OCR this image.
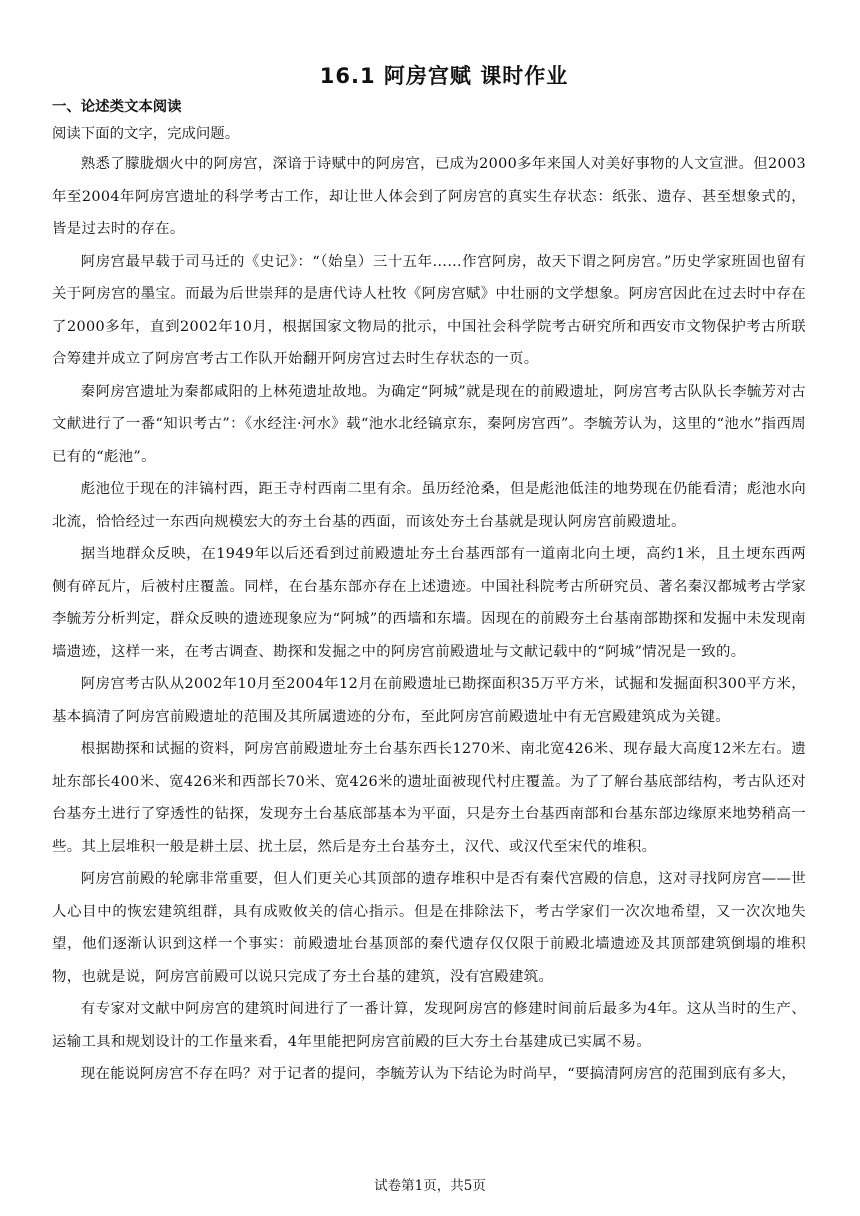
16.1 阿房宫赋 课时作业
一、论述类文本阅读

阅读下面的文字，完成问题。

熟悉了朦胧烟火中的阿房宫，深谙于诗赋中的阿房宫，已成为2000多年来国人对美好事物的人文宣泄。但2003年至2004年阿房宫遗址的科学考古工作，却让世人体会到了阿房宫的真实生存状态：纸张、遗存、甚至想象式的，皆是过去时的存在。

阿房宫最早载于司马迁的《史记》：“（始皇）三十五年……作宫阿房，故天下谓之阿房宫。”历史学家班固也留有关于阿房宫的墨宝。而最为后世崇拜的是唐代诗人杜牧《阿房宫赋》中壮丽的文学想象。阿房宫因此在过去时中存在了2000多年，直到2002年10月，根据国家文物局的批示，中国社会科学院考古研究所和西安市文物保护考古所联合筹建并成立了阿房宫考古工作队开始翻开阿房宫过去时生存状态的一页。

秦阿房宫遗址为秦都咸阳的上林苑遗址故地。为确定“阿城”就是现在的前殿遗址，阿房宫考古队队长李毓芳对古文献进行了一番“知识考古”：《水经注·河水》载“池水北经镐京东，秦阿房宫西”。李毓芳认为，这里的“池水”指西周已有的“彪池”。

彪池位于现在的沣镐村西，距王寺村西南二里有余。虽历经沧桑，但是彪池低洼的地势现在仍能看清；彪池水向北流，恰恰经过一东西向规模宏大的夯土台基的西面，而该处夯土台基就是现认阿房宫前殿遗址。

据当地群众反映，在1949年以后还看到过前殿遗址夯土台基西部有一道南北向土埂，高约1米，且土埂东西两侧有碎瓦片，后被村庄覆盖。同样，在台基东部亦存在上述遗迹。中国社科院考古所研究员、著名秦汉都城考古学家李毓芳分析判定，群众反映的遗迹现象应为“阿城”的西墙和东墙。因现在的前殿夯土台基南部勘探和发掘中未发现南墙遗迹，这样一来，在考古调查、勘探和发掘之中的阿房宫前殿遗址与文献记载中的“阿城”情况是一致的。

阿房宫考古队从2002年10月至2004年12月在前殿遗址已勘探面积35万平方米，试掘和发掘面积300平方米，基本搞清了阿房宫前殿遗址的范围及其所属遗迹的分布，至此阿房宫前殿遗址中有无宫殿建筑成为关键。

根据勘探和试掘的资料，阿房宫前殿遗址夯土台基东西长1270米、南北宽426米、现存最大高度12米左右。遗址东部长400米、宽426米和西部长70米、宽426米的遗址面被现代村庄覆盖。为了了解台基底部结构，考古队还对台基夯土进行了穿透性的钻探，发现夯土台基底部基本为平面，只是夯土台基西南部和台基东部边缘原来地势稍高一些。其上层堆积一般是耕土层、扰土层，然后是夯土台基夯土，汉代、或汉代至宋代的堆积。

阿房宫前殿的轮廓非常重要，但人们更关心其顶部的遗存堆积中是否有秦代宫殿的信息，这对寻找阿房宫——世人心目中的恢宏建筑组群，具有成败攸关的信心指示。但是在排除法下，考古学家们一次次地希望，又一次次地失望，他们逐渐认识到这样一个事实：前殿遗址台基顶部的秦代遗存仅仅限于前殿北墙遗迹及其顶部建筑倒塌的堆积物，也就是说，阿房宫前殿可以说只完成了夯土台基的建筑，没有宫殿建筑。

有专家对文献中阿房宫的建筑时间进行了一番计算，发现阿房宫的修建时间前后最多为4年。这从当时的生产、运输工具和规划设计的工作量来看，4年里能把阿房宫前殿的巨大夯土台基建成已实属不易。

现在能说阿房宫不存在吗？对于记者的提问，李毓芳认为下结论为时尚早，“要搞清阿房宫的范围到底有多大，

试卷第1页，共5页
